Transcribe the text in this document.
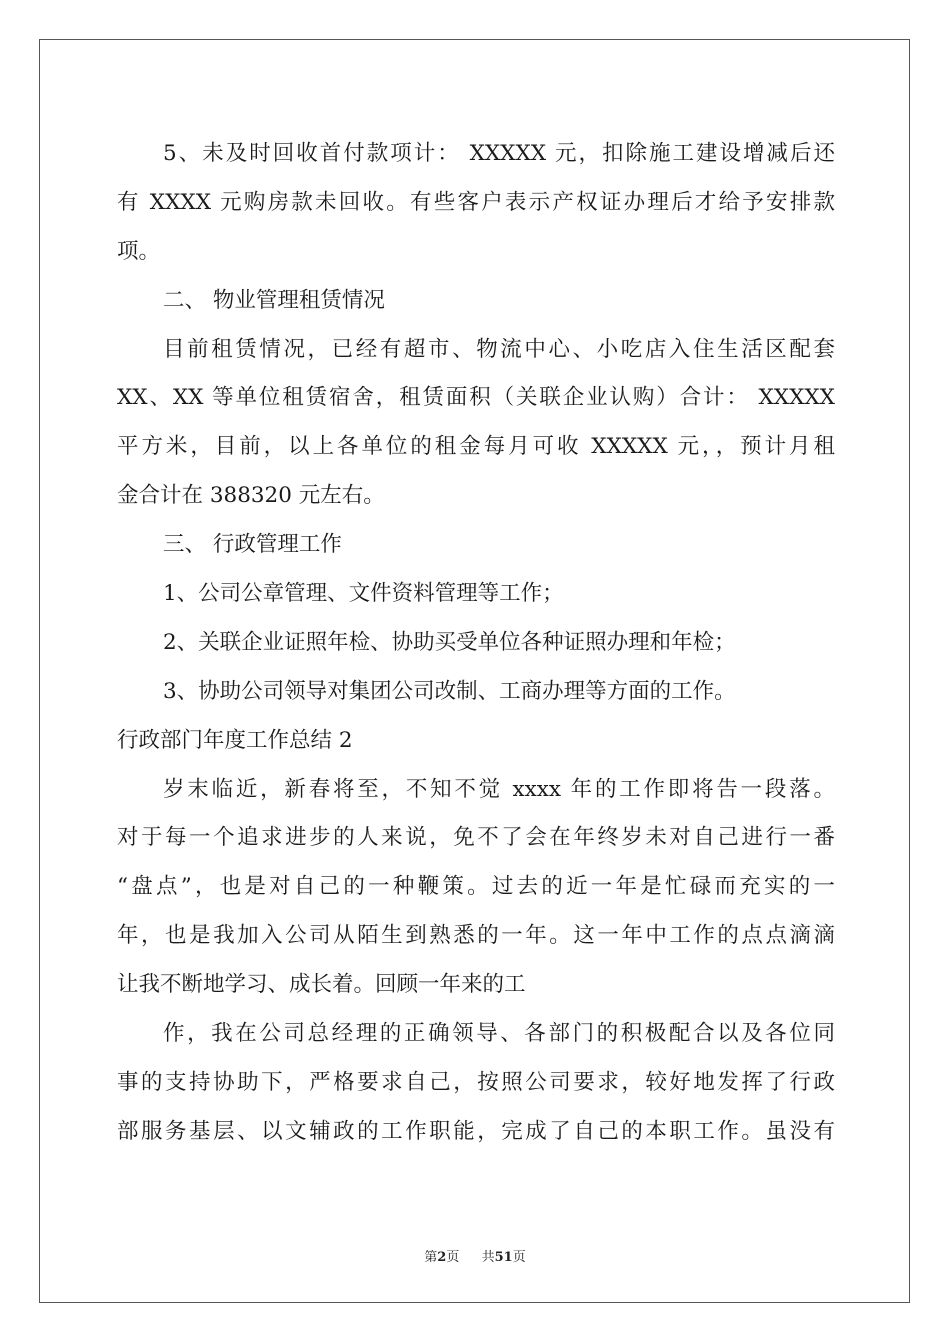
5、未及时回收首付款项计： XXXXX 元，扣除施工建设增减后还
有 XXXX 元购房款未回收。有些客户表示产权证办理后才给予安排款
项。
二、 物业管理租赁情况
目前租赁情况，已经有超市、物流中心、小吃店入住生活区配套
XX、XX 等单位租赁宿舍，租赁面积（关联企业认购）合计： XXXXX
平方米，目前，以上各单位的租金每月可收 XXXXX 元，，预计月租
金合计在 388320 元左右。
三、 行政管理工作
1、公司公章管理、文件资料管理等工作；
2、关联企业证照年检、协助买受单位各种证照办理和年检；
3、协助公司领导对集团公司改制、工商办理等方面的工作。
行政部门年度工作总结 2
岁末临近，新春将至，不知不觉 xxxx 年的工作即将告一段落。
对于每一个追求进步的人来说，免不了会在年终岁未对自己进行一番
“盘点”，也是对自己的一种鞭策。过去的近一年是忙碌而充实的一
年，也是我加入公司从陌生到熟悉的一年。这一年中工作的点点滴滴
让我不断地学习、成长着。回顾一年来的工
作，我在公司总经理的正确领导、各部门的积极配合以及各位同
事的支持协助下，严格要求自己，按照公司要求，较好地发挥了行政
部服务基层、以文辅政的工作职能，完成了自己的本职工作。虽没有
第2页 共51页
